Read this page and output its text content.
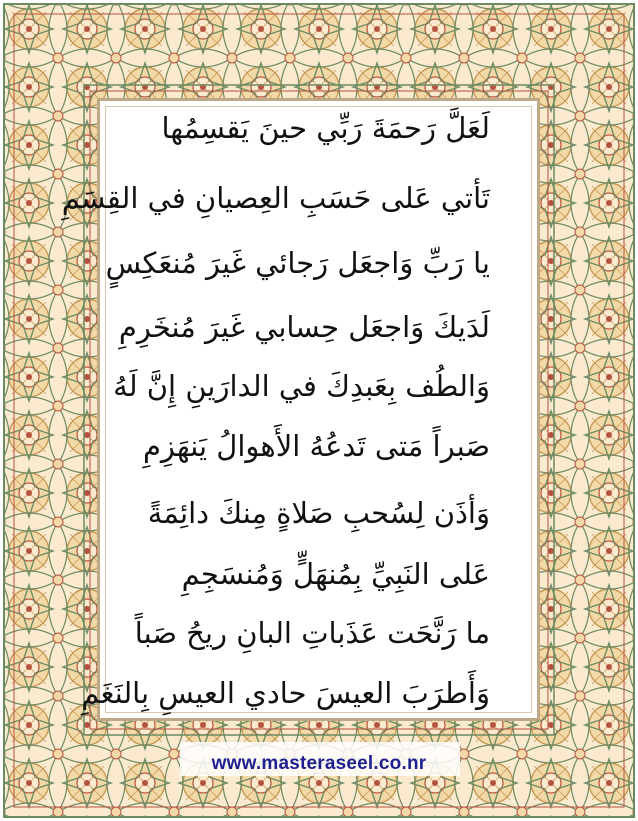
لَعَلَّ رَحمَةَ رَبِّي حينَ يَقسِمُها
تَأتي عَلى حَسَبِ العِصيانِ في القِسَمِ
يا رَبِّ وَاجعَل رَجائي غَيرَ مُنعَكِسٍ
لَدَيكَ وَاجعَل حِسابي غَيرَ مُنخَرِمِ
وَالطُف بِعَبدِكَ في الدارَينِ إِنَّ لَهُ
صَبراً مَتى تَدعُهُ الأَهوالُ يَنهَزِمِ
وَأذَن لِسُحبِ صَلاةٍ مِنكَ دائِمَةً
عَلى النَبِيِّ بِمُنهَلٍّ وَمُنسَجِمِ
ما رَنَّحَت عَذَباتِ البانِ ريحُ صَباً
وَأَطرَبَ العيسَ حادي العيسِ بِالنَغَمِ
www.masteraseel.co.nr
